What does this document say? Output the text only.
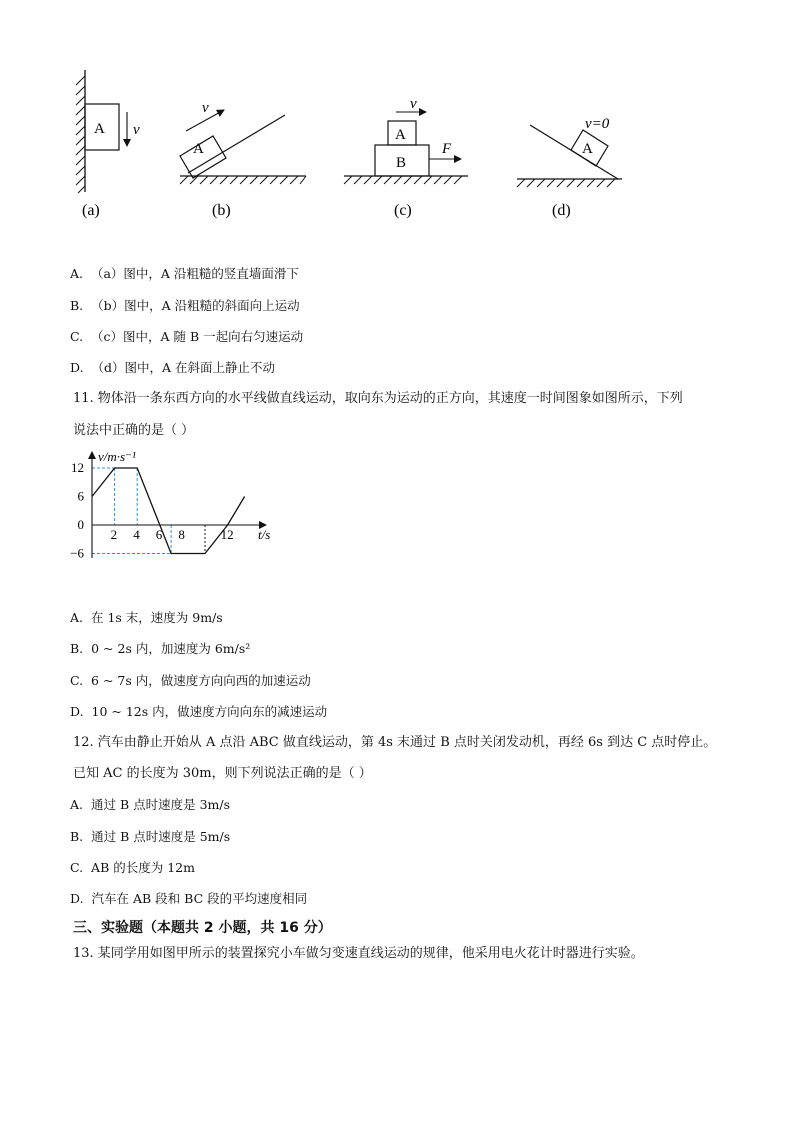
A v
(a)
A
v
(b)
A
B
v
F
(c)
A
v=0
(d)
A. （a）图中，A 沿粗糙的竖直墙面滑下
B. （b）图中，A 沿粗糙的斜面向上运动
C. （c）图中，A 随 B 一起向右匀速运动
D. （d）图中，A 在斜面上静止不动
11. 物体沿一条东西方向的水平线做直线运动，取向东为运动的正方向，其速度一时间图象如图所示，下列
说法中正确的是（ ）
v/m·s⁻¹
t/s
2 4 6 8	12
12
6
0
−6
A. 在 1s 末，速度为 9m/s
B. 0 ~ 2s 内，加速度为 6m/s²
C. 6 ~ 7s 内，做速度方向向西的加速运动
D. 10 ~ 12s 内，做速度方向向东的减速运动
12. 汽车由静止开始从 A 点沿 ABC 做直线运动，第 4s 末通过 B 点时关闭发动机，再经 6s 到达 C 点时停止。
已知 AC 的长度为 30m，则下列说法正确的是（ ）
A. 通过 B 点时速度是 3m/s
B. 通过 B 点时速度是 5m/s
C. AB 的长度为 12m
D. 汽车在 AB 段和 BC 段的平均速度相同
三、实验题（本题共 2 小题，共 16 分）
13. 某同学用如图甲所示的装置探究小车做匀变速直线运动的规律，他采用电火花计时器进行实验。
